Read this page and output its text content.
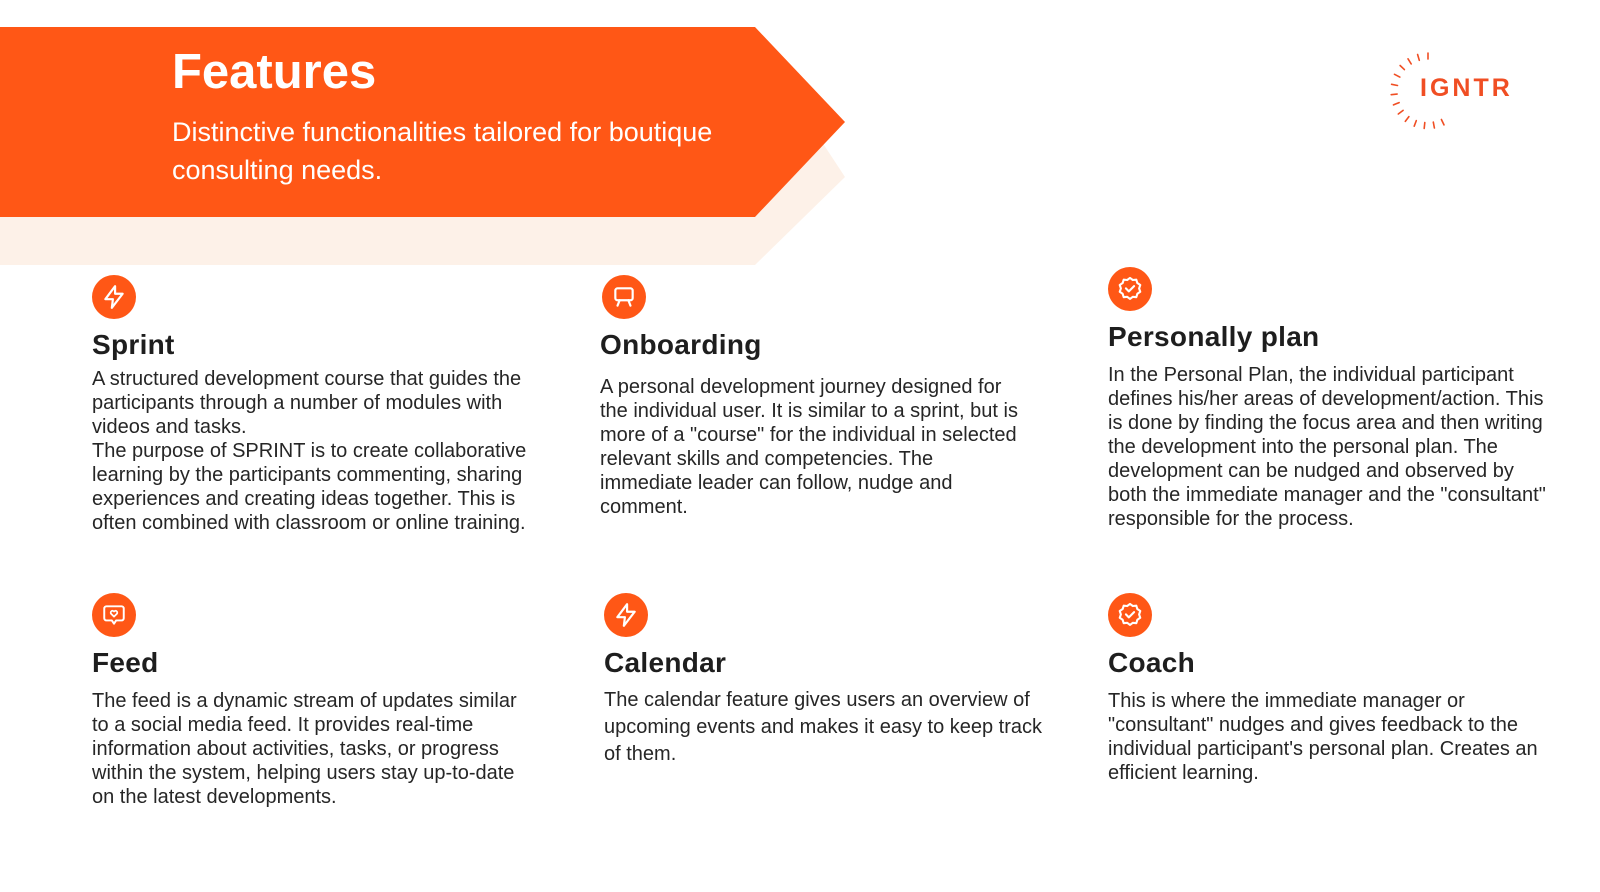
Features

Distinctive functionalities tailored for boutique consulting needs.

IGNTR
Sprint

A structured development course that guides the participants through a number of modules with videos and tasks.
The purpose of SPRINT is to create collaborative learning by the participants commenting, sharing experiences and creating ideas together. This is often combined with classroom or online training.

Onboarding

A personal development journey designed for the individual user. It is similar to a sprint, but is more of a "course" for the individual in selected relevant skills and competencies. The immediate leader can follow, nudge and comment.

Personally plan

In the Personal Plan, the individual participant defines his/her areas of development/action. This is done by finding the focus area and then writing the development into the personal plan. The development can be nudged and observed by both the immediate manager and the "consultant" responsible for the process.

Feed

The feed is a dynamic stream of updates similar to a social media feed. It provides real-time information about activities, tasks, or progress within the system, helping users stay up-to-date on the latest developments.

Calendar

The calendar feature gives users an overview of upcoming events and makes it easy to keep track of them.

Coach

This is where the immediate manager or "consultant" nudges and gives feedback to the individual participant's personal plan. Creates an efficient learning.
